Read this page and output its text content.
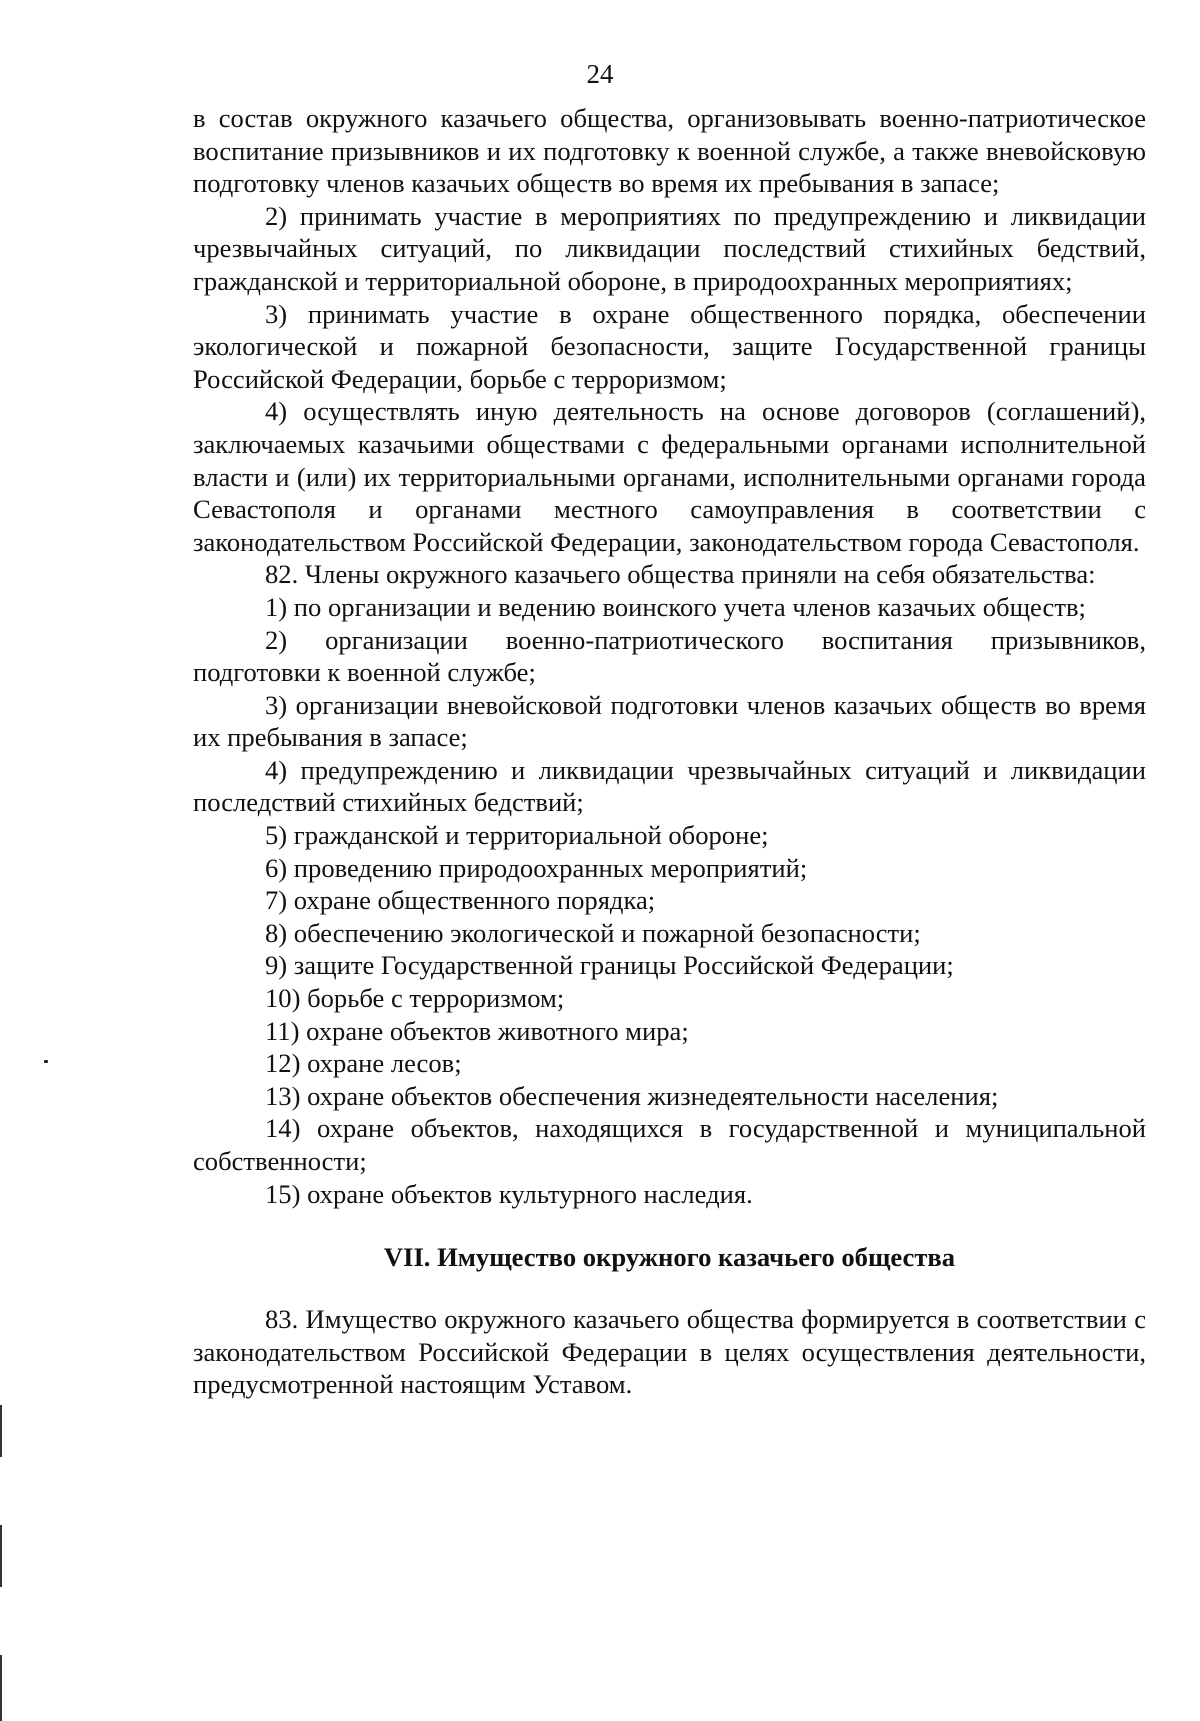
24

в состав окружного казачьего общества, организовывать военно-патриотическое воспитание призывников и их подготовку к военной службе, а также вневойсковую подготовку членов казачьих обществ во время их пребывания в запасе;

2) принимать участие в мероприятиях по предупреждению и ликвидации чрезвычайных ситуаций, по ликвидации последствий стихийных бедствий, гражданской и территориальной обороне, в природоохранных мероприятиях;

3) принимать участие в охране общественного порядка, обеспечении экологической и пожарной безопасности, защите Государственной границы Российской Федерации, борьбе с терроризмом;

4) осуществлять иную деятельность на основе договоров (соглашений), заключаемых казачьими обществами с федеральными органами исполнительной власти и (или) их территориальными органами, исполнительными органами города Севастополя и органами местного самоуправления в соответствии с законодательством Российской Федерации, законодательством города Севастополя.

82. Члены окружного казачьего общества приняли на себя обязательства:

1) по организации и ведению воинского учета членов казачьих обществ;

2) организации военно-патриотического воспитания призывников, подготовки к военной службе;

3) организации вневойсковой подготовки членов казачьих обществ во время их пребывания в запасе;

4) предупреждению и ликвидации чрезвычайных ситуаций и ликвидации последствий стихийных бедствий;

5) гражданской и территориальной обороне;

6) проведению природоохранных мероприятий;

7) охране общественного порядка;

8) обеспечению экологической и пожарной безопасности;

9) защите Государственной границы Российской Федерации;

10) борьбе с терроризмом;

11) охране объектов животного мира;

12) охране лесов;

13) охране объектов обеспечения жизнедеятельности населения;

14) охране объектов, находящихся в государственной и муниципальной собственности;

15) охране объектов культурного наследия.

VII. Имущество окружного казачьего общества

83. Имущество окружного казачьего общества формируется в соответствии с законодательством Российской Федерации в целях осуществления деятельности, предусмотренной настоящим Уставом.
